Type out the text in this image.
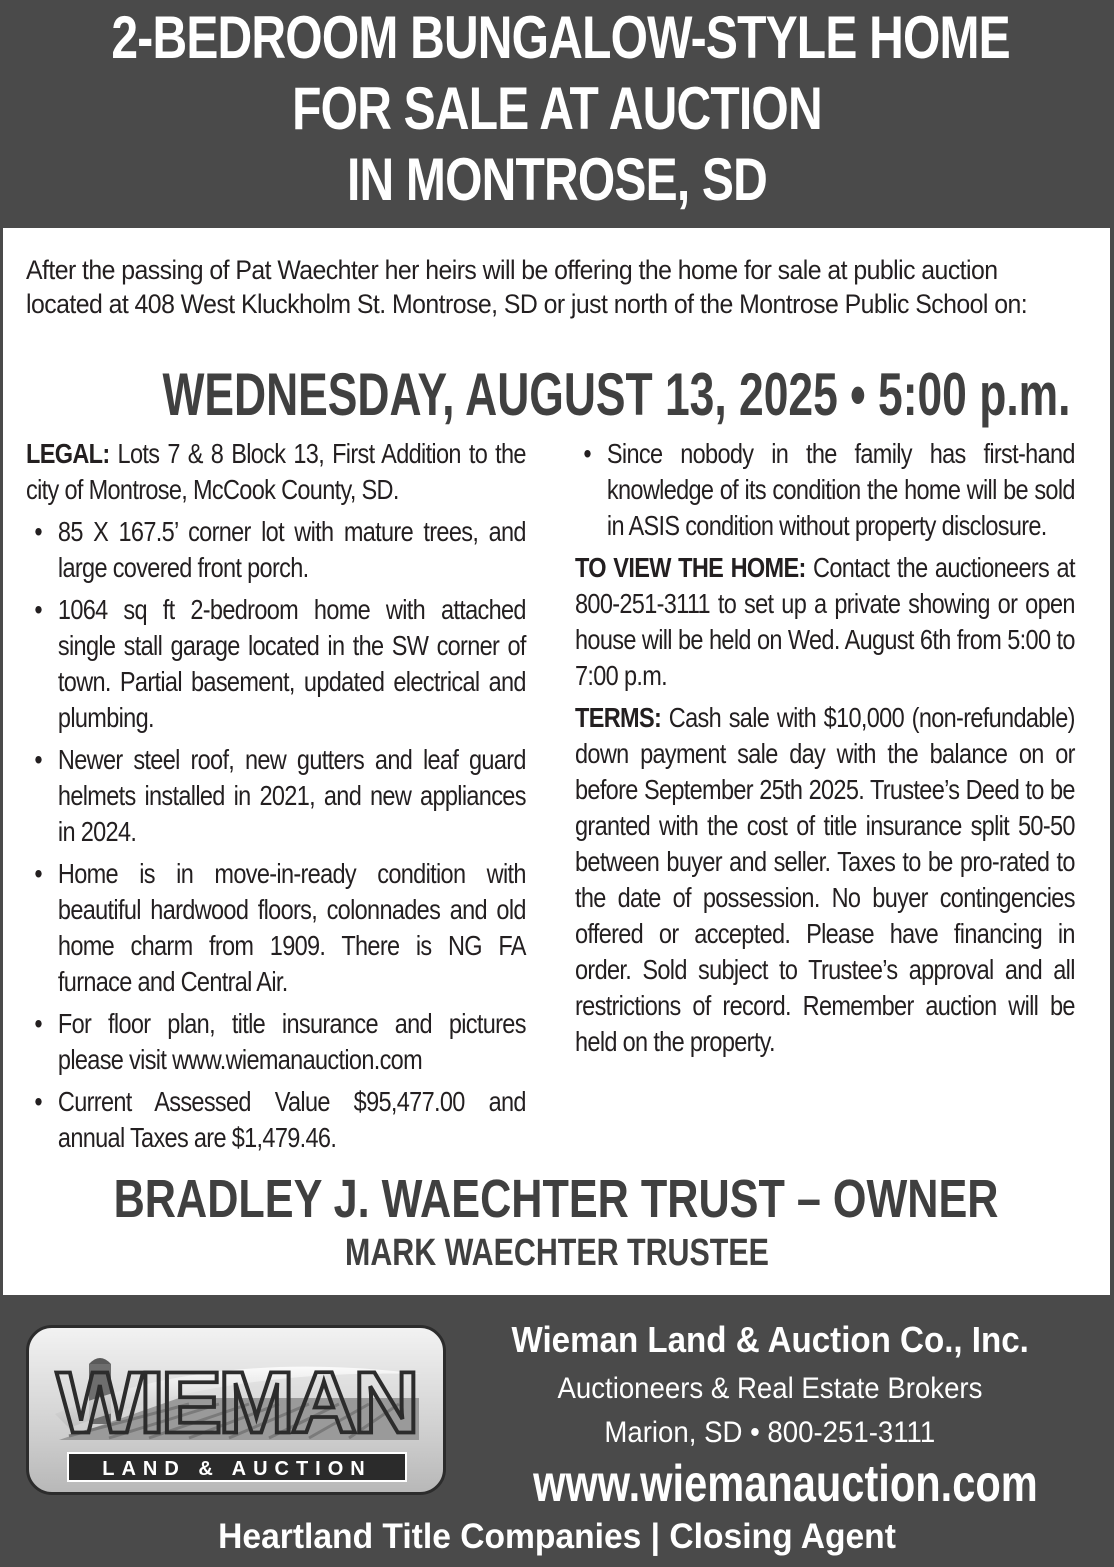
2-BEDROOM BUNGALOW-STYLE HOME
FOR SALE AT AUCTION
IN MONTROSE, SD
After the passing of Pat Waechter her heirs will be offering the home for sale at public auction located at 408 West Kluckholm St. Montrose, SD or just north of the Montrose Public School on:
WEDNESDAY, AUGUST 13, 2025 • 5:00 p.m.

LEGAL: Lots 7 & 8 Block 13, First Addition to the city of Montrose, McCook County, SD.

• 85 X 167.5’ corner lot with mature trees, and large covered front porch.
• 1064 sq ft 2-bedroom home with attached single stall garage located in the SW corner of town. Partial basement, updated electrical and plumbing.
• Newer steel roof, new gutters and leaf guard helmets installed in 2021, and new appliances in 2024.
• Home is in move-in-ready condition with beautiful hardwood floors, colonnades and old home charm from 1909. There is NG FA furnace and Central Air.
• For floor plan, title insurance and pictures please visit www.wiemanauction.com
• Current Assessed Value $95,477.00 and annual Taxes are $1,479.46.
• Since nobody in the family has first-hand knowledge of its condition the home will be sold in ASIS condition without property disclosure.

TO VIEW THE HOME: Contact the auctioneers at 800-251-3111 to set up a private showing or open house will be held on Wed. August 6th from 5:00 to 7:00 p.m.

TERMS: Cash sale with $10,000 (non-refundable) down payment sale day with the balance on or before September 25th 2025. Trustee’s Deed to be granted with the cost of title insurance split 50-50 between buyer and seller. Taxes to be pro-rated to the date of possession. No buyer contingencies offered or accepted. Please have financing in order. Sold subject to Trustee’s approval and all restrictions of record. Remember auction will be held on the property.

BRADLEY J. WAECHTER TRUST – OWNER
MARK WAECHTER TRUSTEE
WIEMAN
LAND & AUCTION
Wieman Land & Auction Co., Inc.
Auctioneers & Real Estate Brokers
Marion, SD • 800-251-3111
www.wiemanauction.com
Heartland Title Companies | Closing Agent
